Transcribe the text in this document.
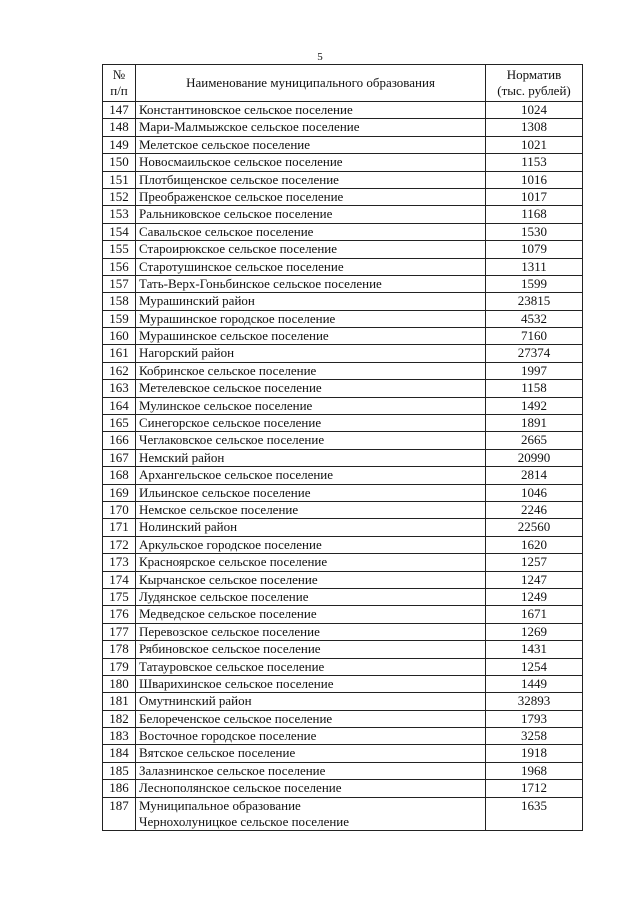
5
№
п/п	Наименование муниципального образования	Норматив
(тыс. рублей)

147	Константиновское сельское поселение	1024
148	Мари-Малмыжское сельское поселение	1308
149	Мелетское сельское поселение	1021
150	Новосмаильское сельское поселение	1153
151	Плотбищенское сельское поселение	1016
152	Преображенское сельское поселение	1017
153	Ральниковское сельское поселение	1168
154	Савальское сельское поселение	1530
155	Староирюкское сельское поселение	1079
156	Старотушинское сельское поселение	1311
157	Тать-Верх-Гоньбинское сельское поселение	1599
158	Мурашинский район	23815
159	Мурашинское городское поселение	4532
160	Мурашинское сельское поселение	7160
161	Нагорский район	27374
162	Кобринское сельское поселение	1997
163	Метелевское сельское поселение	1158
164	Мулинское сельское поселение	1492
165	Синегорское сельское поселение	1891
166	Чеглаковское сельское поселение	2665
167	Немский район	20990
168	Архангельское сельское поселение	2814
169	Ильинское сельское поселение	1046
170	Немское сельское поселение	2246
171	Нолинский район	22560
172	Аркульское городское поселение	1620
173	Красноярское сельское поселение	1257
174	Кырчанское сельское поселение	1247
175	Лудянское сельское поселение	1249
176	Медведское сельское поселение	1671
177	Перевозское сельское поселение	1269
178	Рябиновское сельское поселение	1431
179	Татауровское сельское поселение	1254
180	Шварихинское сельское поселение	1449
181	Омутнинский район	32893
182	Белореченское сельское поселение	1793
183	Восточное городское поселение	3258
184	Вятское сельское поселение	1918
185	Залазнинское сельское поселение	1968
186	Леснополянское сельское поселение	1712
187	Муниципальное образование
Чернохолуницкое сельское поселение	1635
